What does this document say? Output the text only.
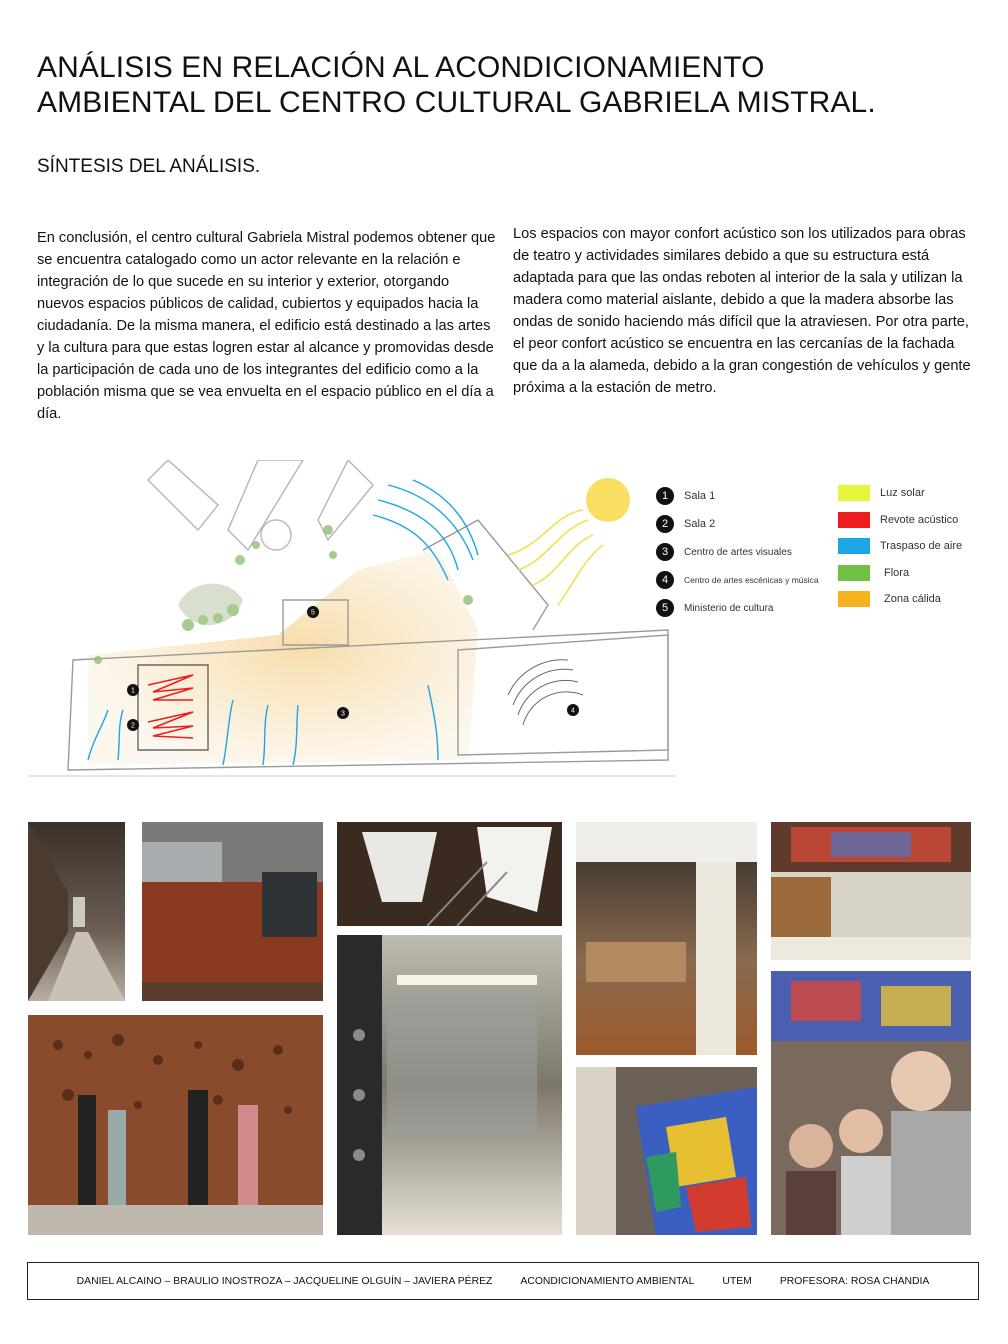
ANÁLISIS EN RELACIÓN AL ACONDICIONAMIENTO
AMBIENTAL DEL CENTRO CULTURAL GABRIELA MISTRAL.
SÍNTESIS DEL ANÁLISIS.

En conclusión, el centro cultural Gabriela Mistral podemos obtener que se encuentra catalogado como un actor relevante en la relación e integración de lo que sucede en su interior y exterior, otorgando nuevos espacios públicos de calidad, cubiertos y equipados hacia la ciudadanía. De la misma manera, el edificio está destinado a las artes y la cultura para que estas logren estar al alcance y promovidas desde la participación de cada uno de los integrantes del edificio como a la población misma que se vea envuelta en el espacio público en el día a día.

Los espacios con mayor confort acústico son los utilizados para obras de teatro y actividades similares debido a que su estructura está adaptada para que las ondas reboten al interior de la sala y utilizan la madera como material aislante, debido a que la madera absorbe las ondas de sonido haciendo más difícil que la atraviesen. Por otra parte, el peor confort acústico se encuentra en las cercanías de la fachada que da a la alameda, debido a la gran congestión de vehículos y gente próxima a la estación de metro.

1
2
3
5
4
1	Sala 1
2	Sala 2
3	Centro de artes visuales
4	Centro de artes escénicas y música
5	Ministerio de cultura
Luz solar
Revote acústico
Traspaso de aire
Flora
Zona cálida
DANIEL ALCAINO – BRAULIO INOSTROZA – JACQUELINE OLGUÍN – JAVIERA PÉREZ	ACONDICIONAMIENTO AMBIENTAL	UTEM	PROFESORA: ROSA CHANDIA
